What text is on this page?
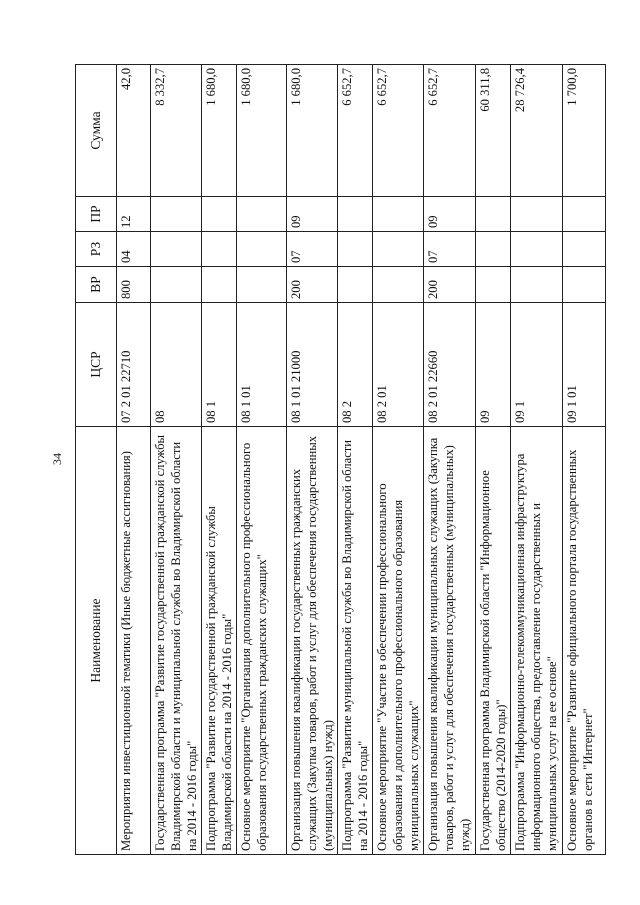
34
Наименование	ЦСР	ВР	РЗ	ПР	Сумма
Мероприятия инвестиционной тематики (Иные бюджетные ассигнования)	07 2 01 22710	800	04	12	42,0
Государственная программа "Развитие государственной гражданской службы Владимирской области и муниципальной службы во Владимирской области на 2014 - 2016 годы"	08				8 332,7
Подпрограмма "Развитие государственной гражданской службы Владимирской области на 2014 - 2016 годы"	08 1				1 680,0
Основное мероприятие "Организация дополнительного профессионального образования государственных гражданских служащих"	08 1 01				1 680,0
Организация повышения квалификации государственных гражданских служащих (Закупка товаров, работ и услуг для обеспечения государственных (муниципальных) нужд)	08 1 01 21000	200	07	09	1 680,0
Подпрограмма "Развитие муниципальной службы во Владимирской области на 2014 - 2016 годы"	08 2				6 652,7
Основное мероприятие "Участие в обеспечении профессионального образования и дополнительного профессионального образования муниципальных служащих"	08 2 01				6 652,7
Организация повышения квалификации муниципальных служащих (Закупка товаров, работ и услуг для обеспечения государственных (муниципальных) нужд)	08 2 01 22660	200	07	09	6 652,7
Государственная программа Владимирской области "Информационное общество (2014-2020 годы)"	09				60 311,8
Подпрограмма "Информационно-телекоммуникационная инфраструктура информационного общества, предоставление государственных и муниципальных услуг на ее основе"	09 1				28 726,4
Основное мероприятие "Развитие официального портала государственных органов в сети "Интернет"	09 1 01				1 700,0
